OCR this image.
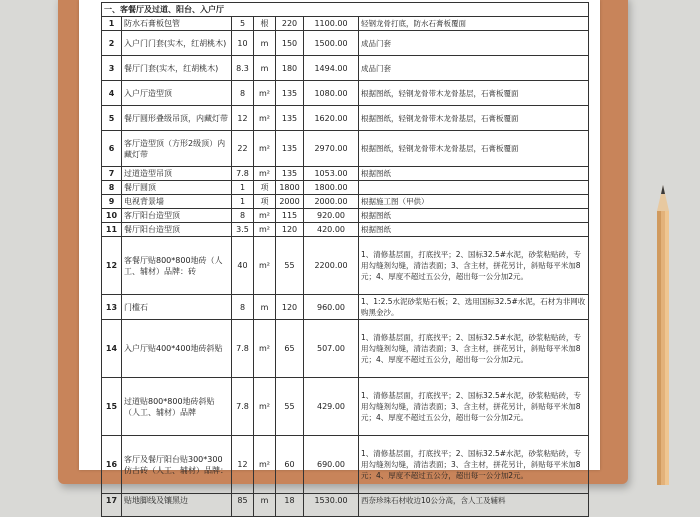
一、客餐厅及过道、阳台、入户厅						
1	防水石膏板包管	5	根	220	1100.00	轻钢龙骨打底，防水石膏板覆面
2	入户门门套(实木，红胡桃木)	10	m	150	1500.00	成品门套
3	餐厅门套(实木，红胡桃木)	8.3	m	180	1494.00	成品门套
4	入户厅造型顶	8	m²	135	1080.00	根据图纸，轻钢龙骨带木龙骨基层，石膏板覆面
5	餐厅圆形叠级吊顶，内藏灯带	12	m²	135	1620.00	根据图纸，轻钢龙骨带木龙骨基层，石膏板覆面
6	客厅造型顶（方形2级顶）内藏灯带	22	m²	135	2970.00	根据图纸，轻钢龙骨带木龙骨基层，石膏板覆面
7	过道造型吊顶	7.8	m²	135	1053.00	根据图纸
8	餐厅圆顶	1	项	1800	1800.00	
9	电视背景墙	1	项	2000	2000.00	根据施工图（甲供）
10	客厅阳台造型顶	8	m²	115	920.00	根据图纸
11	餐厅阳台造型顶	3.5	m²	120	420.00	根据图纸
12	客餐厅贴800*800地砖（人工、辅材）品牌：砖	40	m²	55	2200.00	1、清修基层面，打底找平；2、国标32.5#水泥，砂浆粘贴砖，专用勾缝剂勾缝，清洁表面；3、含主材，拼花另计，斜贴每平米加8元；4、厚度不超过五公分，超出每一公分加2元。
13	门槛石	8	m	120	960.00	1、1:2.5水泥砂浆贴石板；2、选用国标32.5#水泥，石材为非网收购黑金沙。
14	入户厅贴400*400地砖斜贴	7.8	m²	65	507.00	1、清修基层面，打底找平；2、国标32.5#水泥，砂浆粘贴砖，专用勾缝剂勾缝，清洁表面；3、含主材，拼花另计，斜贴每平米加8元；4、厚度不超过五公分，超出每一公分加2元。
15	过道贴800*800地砖斜贴（人工、辅材）品牌	7.8	m²	55	429.00	1、清修基层面，打底找平；2、国标32.5#水泥，砂浆粘贴砖，专用勾缝剂勾缝，清洁表面；3、含主材，拼花另计，斜贴每平米加8元；4、厚度不超过五公分，超出每一公分加2元。
16	客厅及餐厅阳台贴300*300仿古砖（人工、辅材）品牌：	12	m²	60	690.00	1、清修基层面，打底找平；2、国标32.5#水泥，砂浆粘贴砖，专用勾缝剂勾缝，清洁表面；3、含主材，拼花另计，斜贴每平米加8元；4、厚度不超过五公分，超出每一公分加2元。
17	贴地脚线及镶黑边	85	m	18	1530.00	西奈珍珠石材收边10公分高，含人工及辅料
